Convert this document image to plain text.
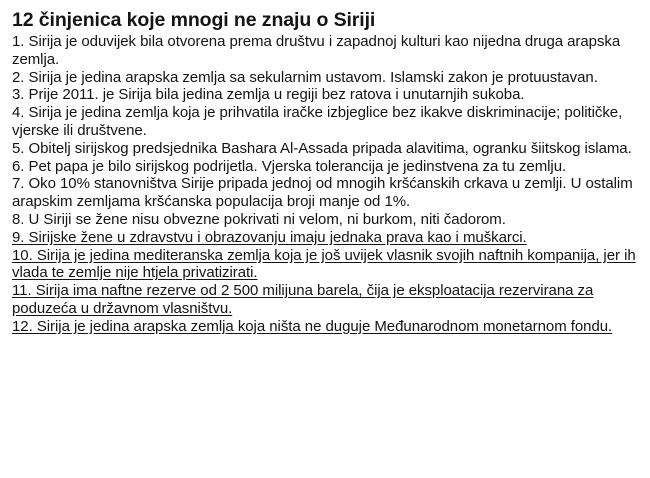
12 činjenica koje mnogi ne znaju o Siriji
1. Sirija je oduvijek bila otvorena prema društvu i zapadnoj kulturi kao nijedna druga arapska zemlja.
2. Sirija je jedina arapska zemlja sa sekularnim ustavom. Islamski zakon je protuustavan.
3. Prije 2011. je Sirija bila jedina zemlja u regiji bez ratova i unutarnjih sukoba.
4. Sirija je jedina zemlja koja je prihvatila iračke izbjeglice bez ikakve diskriminacije; političke, vjerske ili društvene.
5. Obitelj sirijskog predsjednika Bashara Al-Assada pripada alavitima, ogranku šiitskog islama.
6. Pet papa je bilo sirijskog podrijetla. Vjerska tolerancija je jedinstvena za tu zemlju.
7. Oko 10% stanovništva Sirije pripada jednoj od mnogih kršćanskih crkava u zemlji. U ostalim arapskim zemljama kršćanska populacija broji manje od 1%.
8. U Siriji se žene nisu obvezne pokrivati ni velom, ni burkom, niti čadorom.
9. Sirijske žene u zdravstvu i obrazovanju imaju jednaka prava kao i muškarci.
10. Sirija je jedina mediteranska zemlja koja je još uvijek vlasnik svojih naftnih kompanija, jer ih vlada te zemlje nije htjela privatizirati.
11. Sirija ima naftne rezerve od 2 500 milijuna barela, čija je eksploatacija rezervirana za poduzeća u državnom vlasništvu.
12. Sirija je jedina arapska zemlja koja ništa ne duguje Međunarodnom monetarnom fondu.
